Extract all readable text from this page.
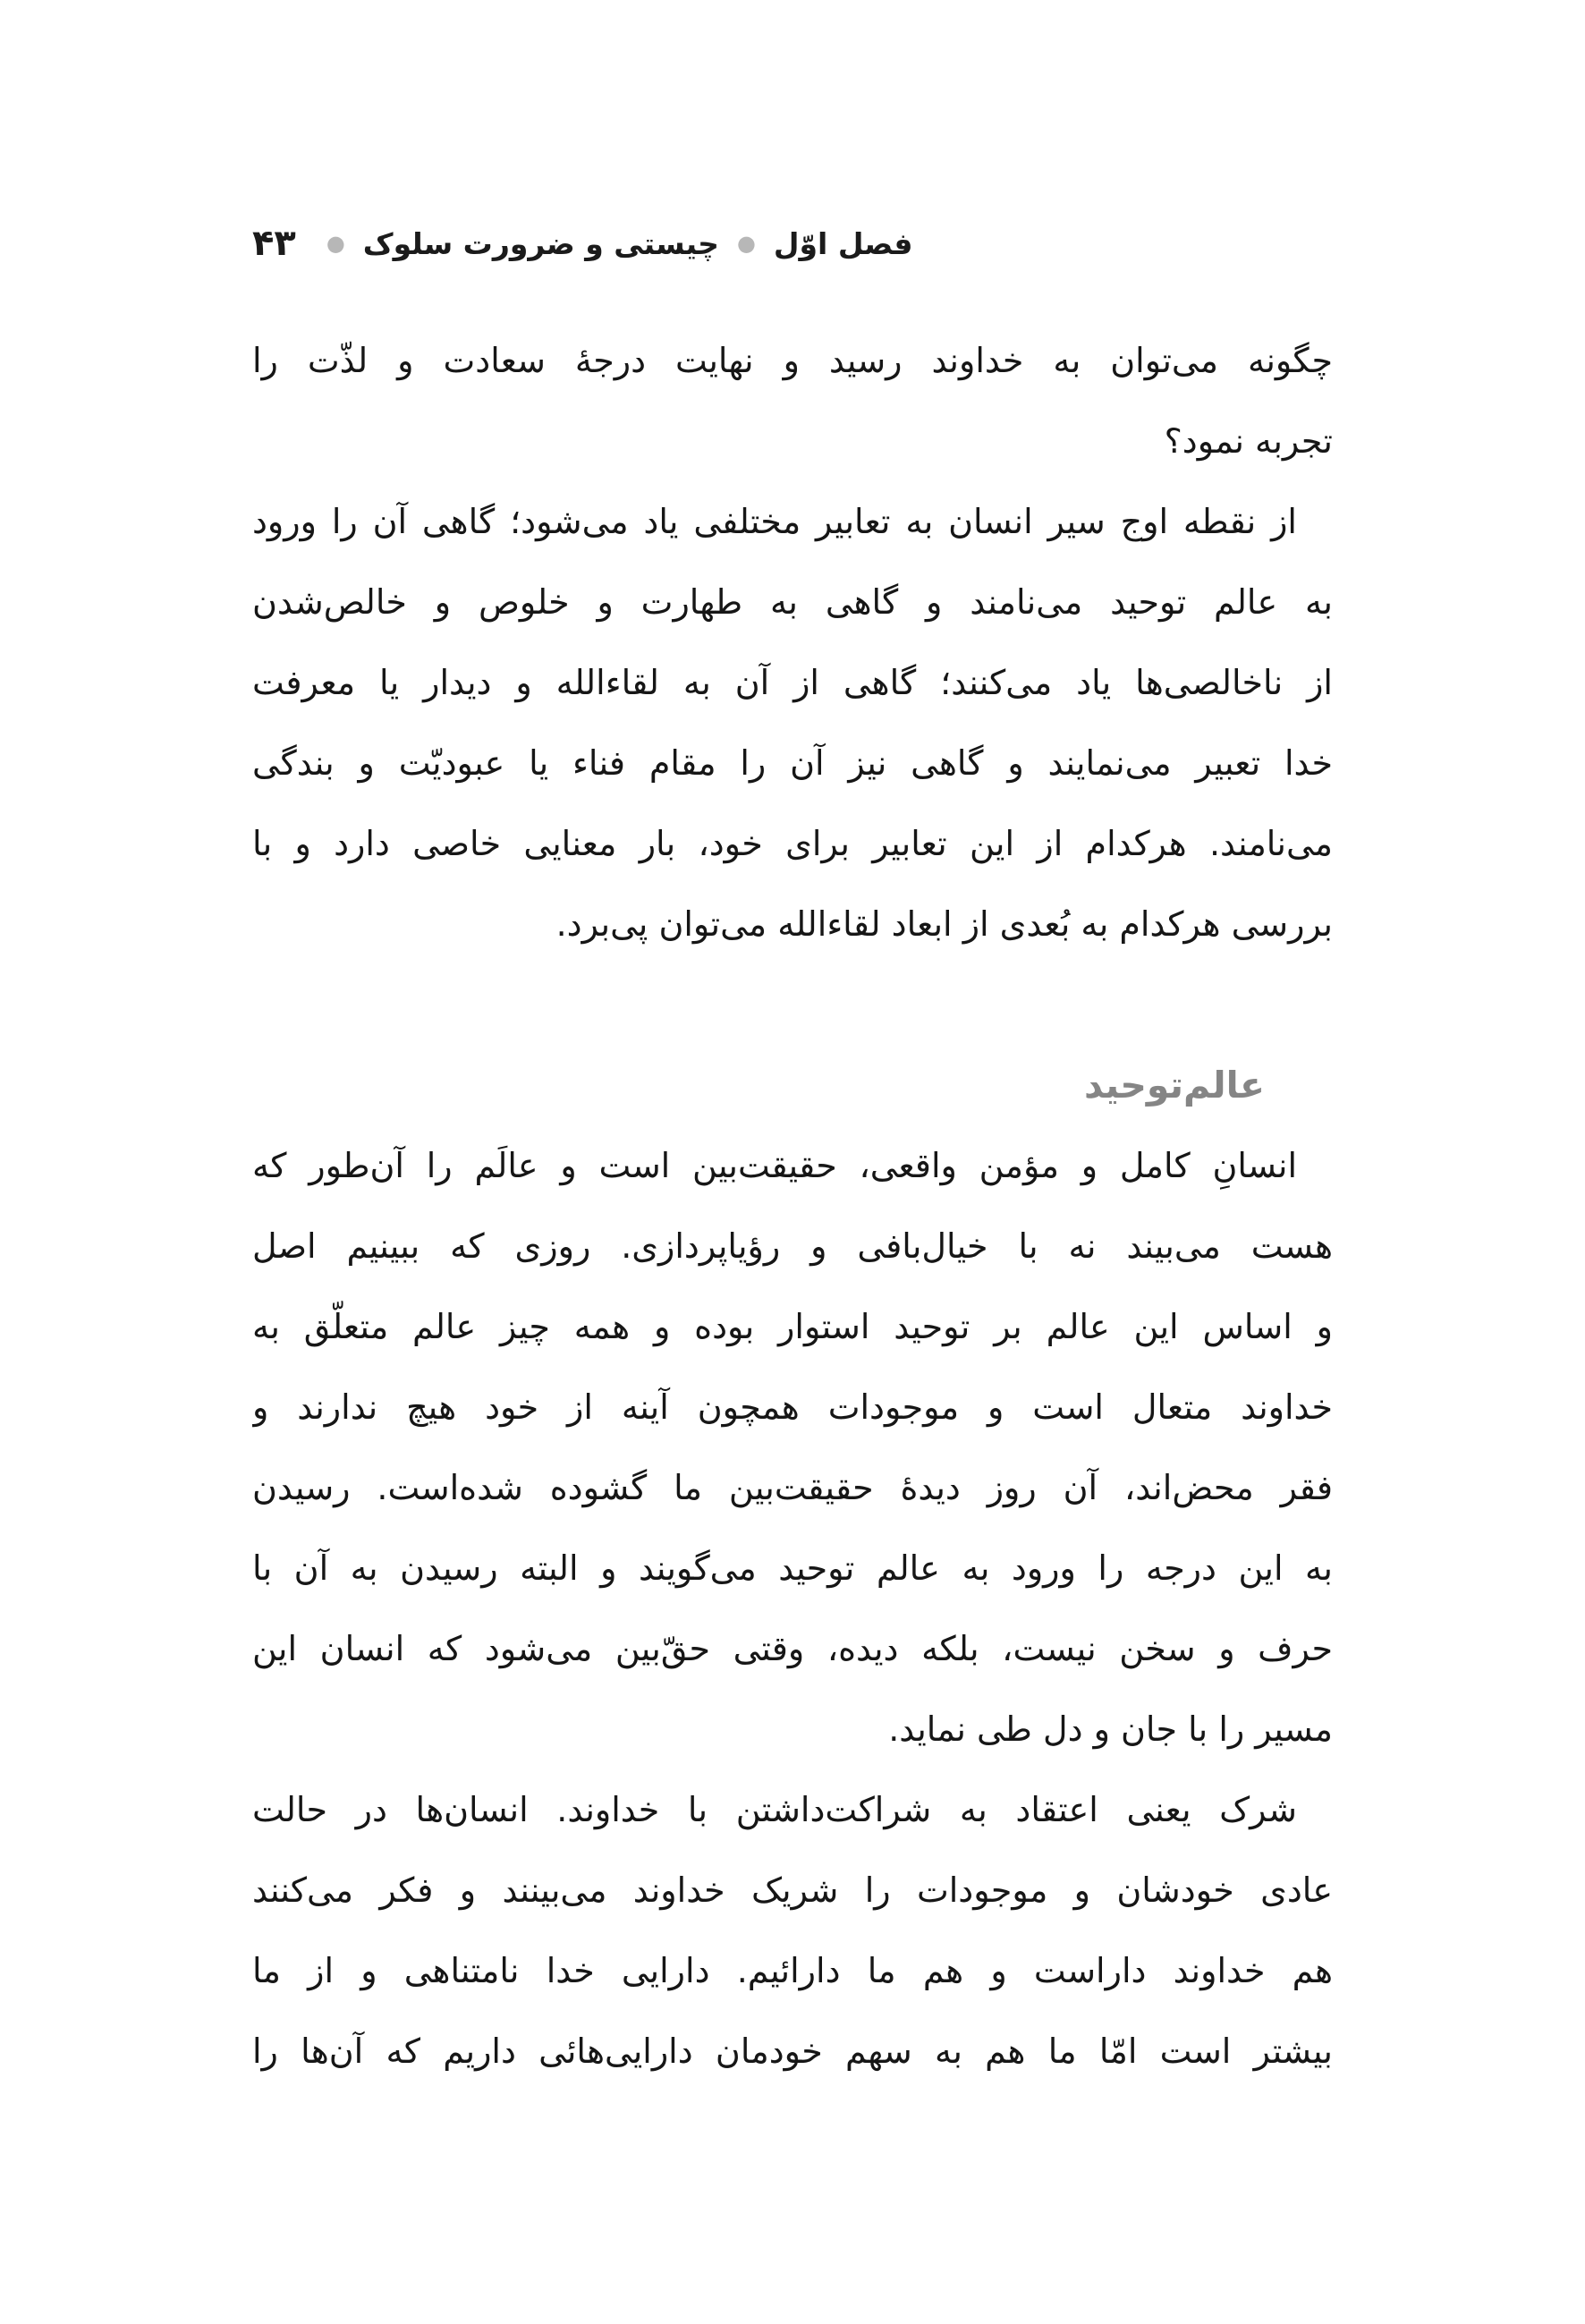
فصل اوّل
●
چیستی و ضرورت سلوک
●
۴۳
چگونه می‌توان به خداوند رسید و نهایت درجهٔ سعادت و لذّت را
تجربه نمود؟
از نقطه اوج سیر انسان به تعابیر مختلفی یاد می‌شود؛ گاهی آن را ورود
به عالم توحید می‌نامند و گاهی به طهارت و خلوص و خالص‌شدن
از ناخالصی‌ها یاد می‌کنند؛ گاهی از آن به لقاءالله و دیدار یا معرفت
خدا تعبیر می‌نمایند و گاهی نیز آن را مقام فناء یا عبودیّت و بندگی
می‌نامند. هرکدام از این تعابیر برای خود، بار معنایی خاصی دارد و با
بررسی هرکدام به بُعدی از ابعاد لقاءالله می‌توان پی‌برد.
عالم‌توحید
انسانِ کامل و مؤمن واقعی، حقیقت‌بین است و عالَم را آن‌طور که
هست می‌بیند نه با خیال‌بافی و رؤیاپردازی. روزی که ببینیم اصل
و اساس این عالم بر توحید استوار بوده و همه چیز عالم متعلّق به
خداوند متعال است و موجودات همچون آینه از خود هیچ ندارند و
فقر محض‌اند، آن روز دیدهٔ حقیقت‌بین ما گشوده شده‌است. رسیدن
به این درجه را ورود به عالم توحید می‌گویند و البته رسیدن به آن با
حرف و سخن نیست، بلکه دیده، وقتی حقّ‌بین می‌شود که انسان این
مسیر را با جان و دل طی نماید.
شرک یعنی اعتقاد به شراکت‌داشتن با خداوند. انسان‌ها در حالت
عادی خودشان و موجودات را شریک خداوند می‌بینند و فکر می‌کنند
هم خداوند داراست و هم ما دارائیم. دارایی خدا نامتناهی و از ما
بیشتر است امّا ما هم به سهم خودمان دارایی‌هائی داریم که آن‌ها را
